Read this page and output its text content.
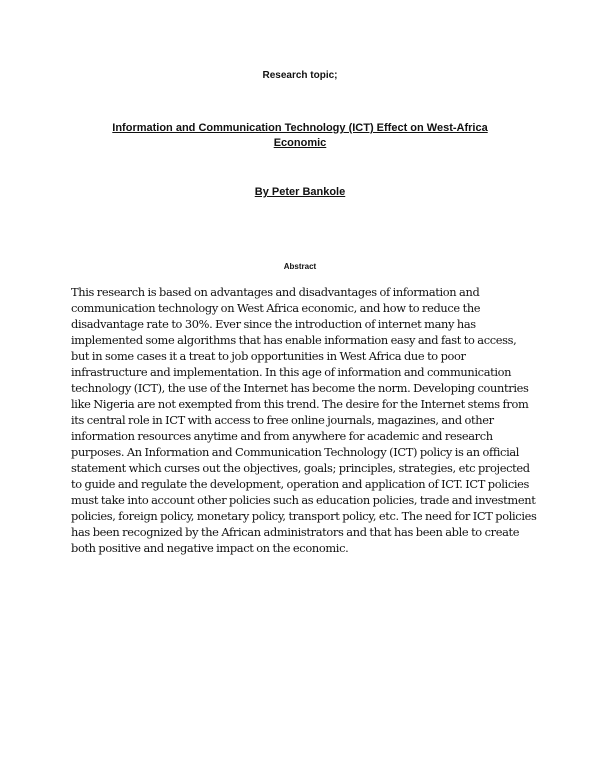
Research topic;
Information and Communication Technology (ICT) Effect on West-Africa
Economic
By Peter Bankole
Abstract

This research is based on advantages and disadvantages of information and communication technology on West Africa economic, and how to reduce the disadvantage rate to 30%. Ever since the introduction of internet many has implemented some algorithms that has enable information easy and fast to access, but in some cases it a treat to job opportunities in West Africa due to poor infrastructure and implementation. In this age of information and communication technology (ICT), the use of the Internet has become the norm. Developing countries like Nigeria are not exempted from this trend. The desire for the Internet stems from its central role in ICT with access to free online journals, magazines, and other information resources anytime and from anywhere for academic and research purposes. An Information and Communication Technology (ICT) policy is an official statement which curses out the objectives, goals; principles, strategies, etc projected to guide and regulate the development, operation and application of ICT. ICT policies must take into account other policies such as education policies, trade and investment policies, foreign policy, monetary policy, transport policy, etc. The need for ICT policies has been recognized by the African administrators and that has been able to create both positive and negative impact on the economic.
